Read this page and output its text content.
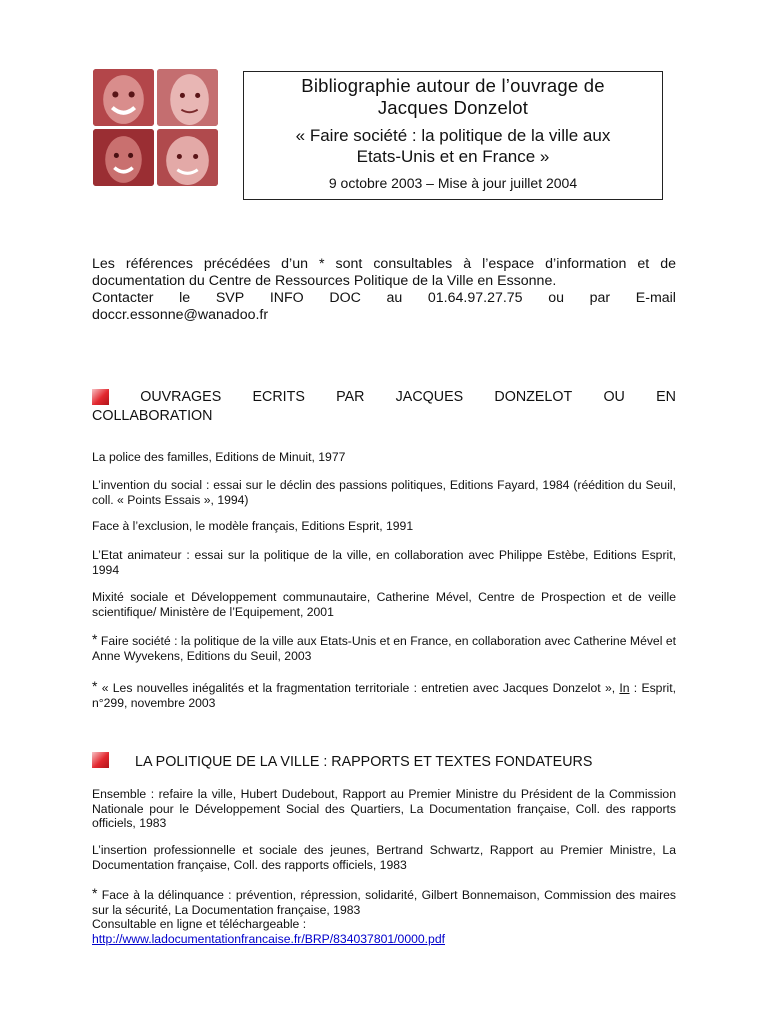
Bibliographie autour de l’ouvrage de
Jacques Donzelot
« Faire société : la politique de la ville aux
Etats-Unis et en France »
9 octobre 2003 – Mise à jour juillet 2004

Les références précédées d’un * sont consultables à l’espace d’information et de documentation du Centre de Ressources Politique de la Ville en Essonne.

Contacter le SVP INFO DOC au 01.64.97.27.75 ou par E-mail
doccr.essonne@wanadoo.fr
OUVRAGES ECRITS PAR JACQUES DONZELOT OU EN
COLLABORATION

La police des familles, Editions de Minuit, 1977

L’invention du social : essai sur le déclin des passions politiques, Editions Fayard, 1984 (réédition du Seuil, coll. « Points Essais », 1994)

Face à l’exclusion, le modèle français, Editions Esprit, 1991

L’Etat animateur : essai sur la politique de la ville, en collaboration avec Philippe Estèbe, Editions Esprit, 1994

Mixité sociale et Développement communautaire, Catherine Mével, Centre de Prospection et de veille scientifique/ Ministère de l’Equipement, 2001

* Faire société : la politique de la ville aux Etats-Unis et en France, en collaboration avec Catherine Mével et Anne Wyvekens, Editions du Seuil, 2003

* « Les nouvelles inégalités et la fragmentation territoriale : entretien avec Jacques Donzelot », In : Esprit, n°299, novembre 2003

LA POLITIQUE DE LA VILLE : RAPPORTS ET TEXTES FONDATEURS

Ensemble : refaire la ville, Hubert Dudebout, Rapport au Premier Ministre du Président de la Commission Nationale pour le Développement Social des Quartiers, La Documentation française, Coll. des rapports officiels, 1983

L’insertion professionnelle et sociale des jeunes, Bertrand Schwartz, Rapport au Premier Ministre, La Documentation française, Coll. des rapports officiels, 1983

* Face à la délinquance : prévention, répression, solidarité, Gilbert Bonnemaison, Commission des maires sur la sécurité, La Documentation française, 1983

Consultable en ligne et téléchargeable :

http://www.ladocumentationfrancaise.fr/BRP/834037801/0000.pdf
